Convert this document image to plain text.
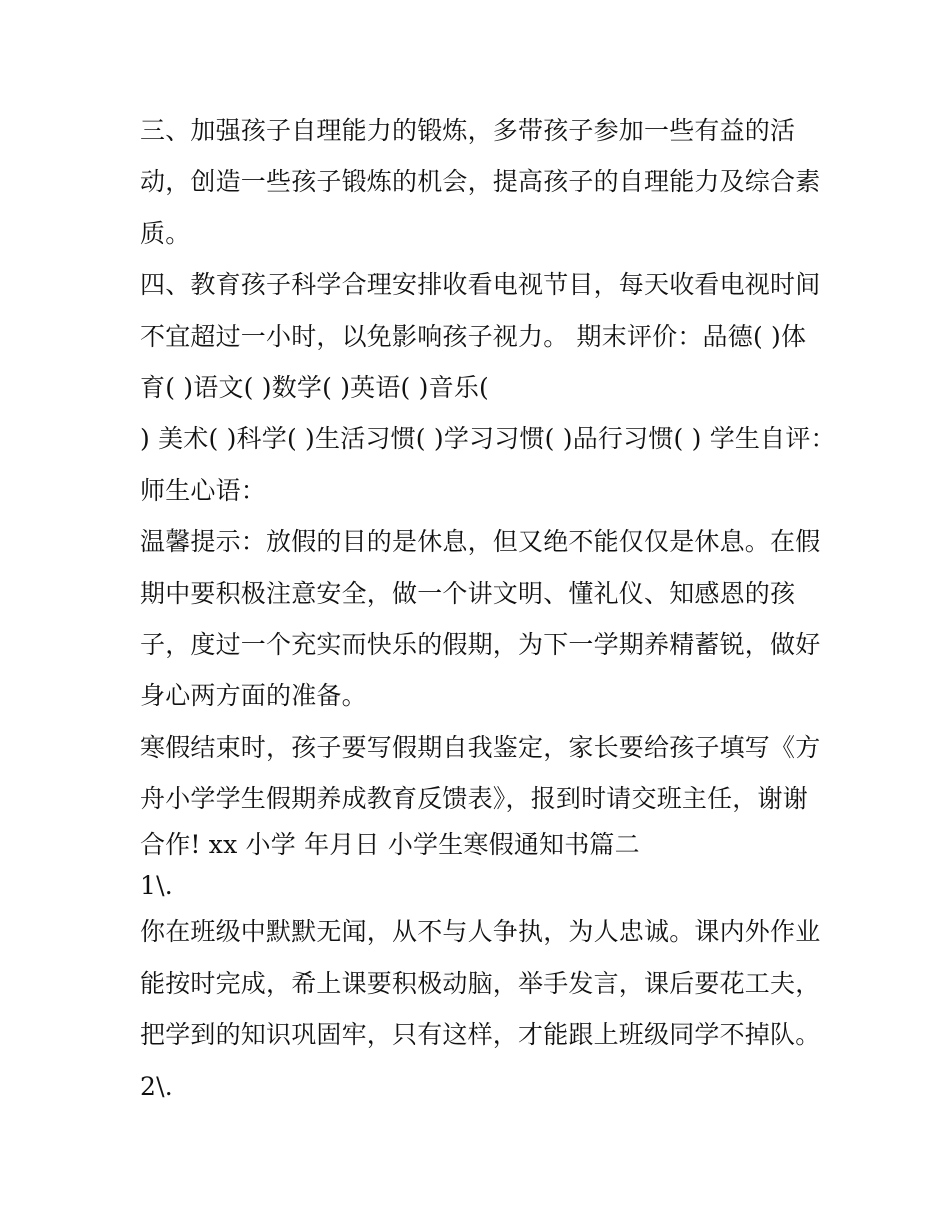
三、加强孩子自理能力的锻炼，多带孩子参加一些有益的活
动，创造一些孩子锻炼的机会，提高孩子的自理能力及综合素
质。
四、教育孩子科学合理安排收看电视节目，每天收看电视时间
不宜超过一小时，以免影响孩子视力。 期末评价：品德( )体
育( )语文( )数学( )英语( )音乐(
) 美术( )科学( )生活习惯( )学习习惯( )品行习惯( ) 学生自评：
师生心语：
温馨提示：放假的目的是休息，但又绝不能仅仅是休息。在假
期中要积极注意安全，做一个讲文明、懂礼仪、知感恩的孩
子，度过一个充实而快乐的假期，为下一学期养精蓄锐，做好
身心两方面的准备。
寒假结束时，孩子要写假期自我鉴定，家长要给孩子填写《方
舟小学学生假期养成教育反馈表》，报到时请交班主任，谢谢
合作! xx 小学 年月日 小学生寒假通知书篇二
1\.
你在班级中默默无闻，从不与人争执，为人忠诚。课内外作业
能按时完成，希上课要积极动脑，举手发言，课后要花工夫，
把学到的知识巩固牢，只有这样，才能跟上班级同学不掉队。
2\.
